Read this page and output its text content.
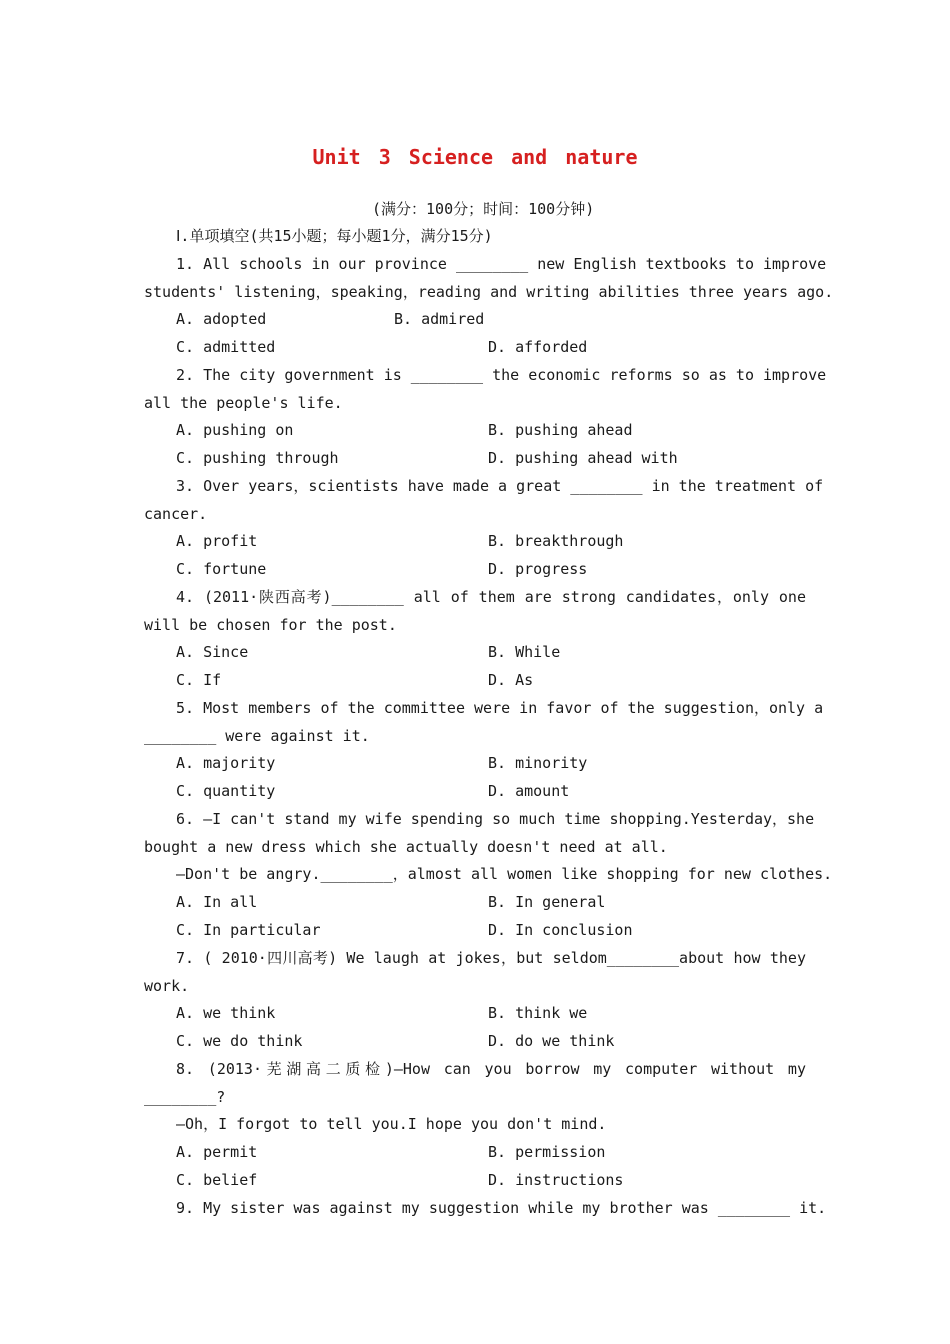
Unit 3 Science and nature
(满分：100分；时间：100分钟)
Ⅰ.单项填空(共15小题；每小题1分，满分15分)
1. All schools in our province ________ new English textbooks to improve
students' listening，speaking，reading and writing abilities three years ago.
A. adopted	B. admired
C. admitted	D. afforded
2. The city government is ________ the economic reforms so as to improve
all the people's life.
A. pushing on	B. pushing ahead
C. pushing through	D. pushing ahead with
3. Over years，scientists have made a great ________ in the treatment of
cancer.
A. profit	B. breakthrough
C. fortune	D. progress
4. (2011·陕西高考)________ all of them are strong candidates，only one
will be chosen for the post.
A. Since	B. While
C. If	D. As
5. Most members of the committee were in favor of the suggestion，only a
________ were against it.
A. majority	B. minority
C. quantity	D. amount
6. —I can't stand my wife spending so much time shopping.Yesterday，she
bought a new dress which she actually doesn't need at all.
—Don't be angry.________，almost all women like shopping for new clothes.
A. In all	B. In general
C. In particular	D. In conclusion
7. ( 2010·四川高考) We laugh at jokes，but seldom________about how they
work.
A. we think	B. think we
C. we do think	D. do we think
8. (2013·芜湖高二质检)—How can you borrow my computer without my
________?
—Oh，I forgot to tell you.I hope you don't mind.
A. permit	B. permission
C. belief	D. instructions
9. My sister was against my suggestion while my brother was ________ it.
